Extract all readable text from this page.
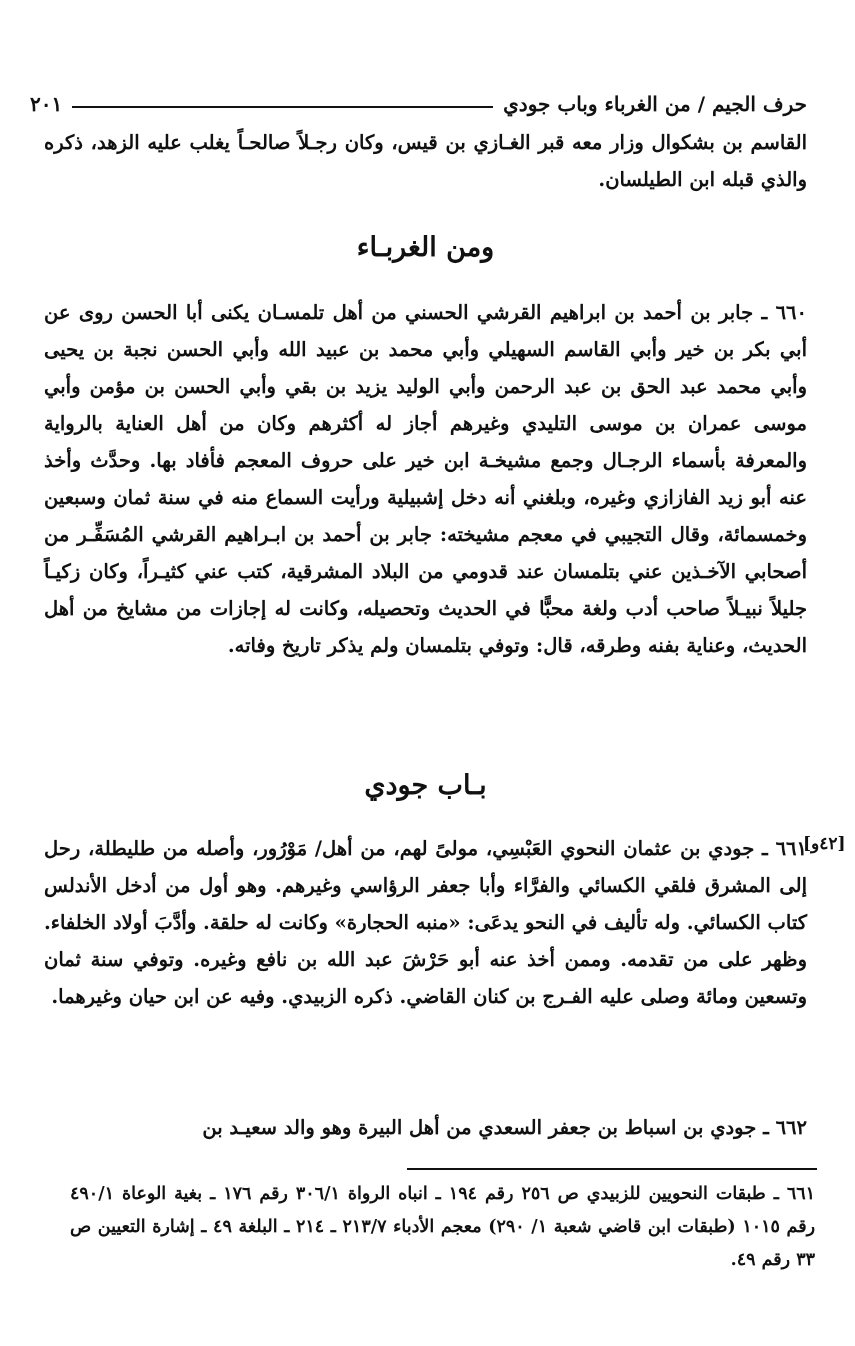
حرف الجيم / من الغرباء وباب جودي
٢٠١

القاسم بن بشكوال وزار معه قبر الغـازي بن قيس، وكان رجـلاً صالحـاً يغلب عليه الزهد، ذكره والذي قبله ابن الطيلسان.

ومن الغربـاء

٦٦٠ ـ جابر بن أحمد بن ابراهيم القرشي الحسني من أهل تلمسـان يكنى أبا الحسن روى عن أبي بكر بن خير وأبي القاسم السهيلي وأبي محمد بن عبيد الله وأبي الحسن نجبة بن يحيى وأبي محمد عبد الحق بن عبد الرحمن وأبي الوليد يزيد بن بقي وأبي الحسن بن مؤمن وأبي موسى عمران بن موسى التليدي وغيرهم أجاز له أكثرهم وكان من أهل العناية بالرواية والمعرفة بأسماء الرجـال وجمع مشيخـة ابن خير على حروف المعجم فأفاد بها. وحدَّث وأخذ عنه أبو زيد الفازازي وغيره، وبلغني أنه دخل إشبيلية ورأيت السماع منه في سنة ثمان وسبعين وخمسمائة، وقال التجيبي في معجم مشيخته: جابر بن أحمد بن ابـراهيم القرشي المُسَفِّـر من أصحابي الآخـذين عني بتلمسان عند قدومي من البلاد المشرقية، كتب عني كثيـراً، وكان زكيـاً جليلاً نبيـلاً صاحب أدب ولغة محبًّا في الحديث وتحصيله، وكانت له إجازات من مشايخ من أهل الحديث، وعناية بفنه وطرقه، قال: وتوفي بتلمسان ولم يذكر تاريخ وفاته.

بـاب جودي
[٤٢و]

٦٦١ ـ جودي بن عثمان النحوي العَبْسِي، مولىً لهم، من أهل/ مَوْرُور، وأصله من طليطلة، رحل إلى المشرق فلقي الكسائي والفرَّاء وأبا جعفر الرؤاسي وغيرهم. وهو أول من أدخل الأندلس كتاب الكسائي. وله تأليف في النحو يدعَى: «منبه الحجارة» وكانت له حلقة. وأدَّبَ أولاد الخلفاء. وظهر على من تقدمه. وممن أخذ عنه أبو حَرْشَ عبد الله بن نافع وغيره. وتوفي سنة ثمان وتسعين ومائة وصلى عليه الفـرج بن كنان القاضي. ذكره الزبيدي. وفيه عن ابن حيان وغيرهما.

٦٦٢ ـ جودي بن اسباط بن جعفر السعدي من أهل البيرة وهو والد سعيـد بن

٦٦١ ـ طبقات النحويين للزبيدي ص ٢٥٦ رقم ١٩٤ ـ انباه الرواة ٣٠٦/١ رقم ١٧٦ ـ بغية الوعاة ٤٩٠/١ رقم ١٠١٥ (طبقات ابن قاضي شعبة ١/ ٢٩٠) معجم الأدباء ٢١٣/٧ ـ ٢١٤ ـ البلغة ٤٩ ـ إشارة التعيين ص ٣٣ رقم ٤٩.
